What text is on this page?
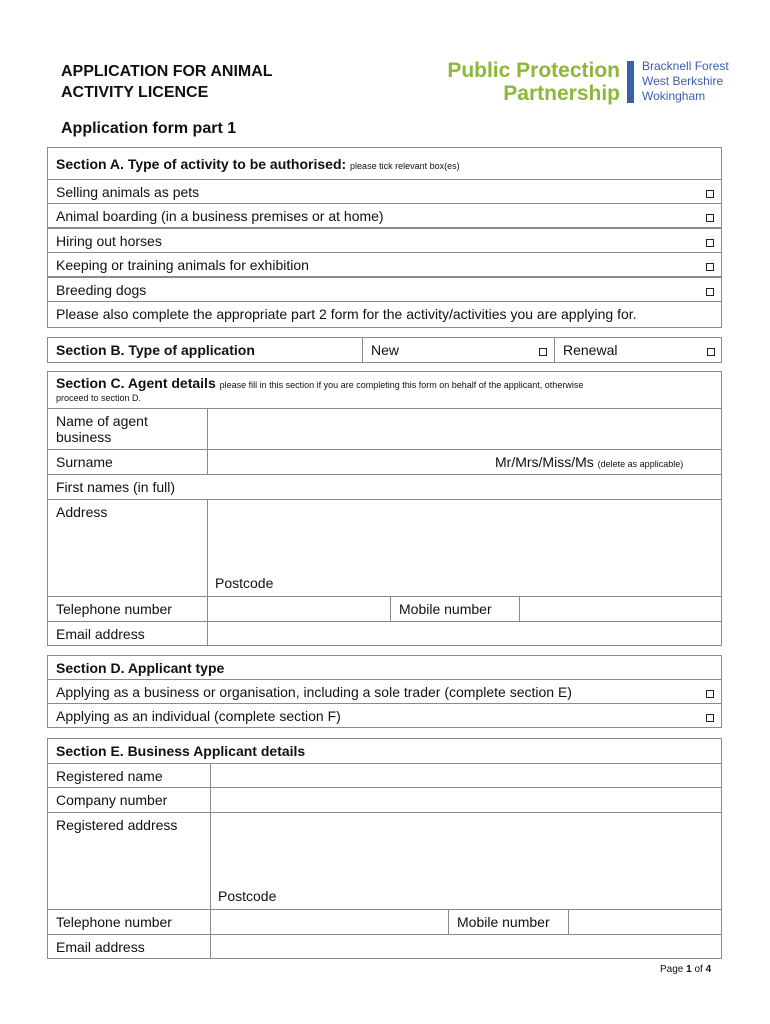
APPLICATION FOR ANIMAL
ACTIVITY LICENCE
Public Protection
Partnership
Bracknell Forest
West Berkshire
Wokingham
Application form part 1
Section A. Type of activity to be authorised: please tick relevant box(es)
Selling animals as pets
Animal boarding (in a business premises or at home)
Hiring out horses
Keeping or training animals for exhibition
Breeding dogs
Please also complete the appropriate part 2 form for the activity/activities you are applying for.
Section B. Type of application	New	Renewal
Section C. Agent details please fill in this section if you are completing this form on behalf of the applicant, otherwise
proceed to section D.
Name of agent
business
Surname	Mr/Mrs/Miss/Ms (delete as applicable)
First names (in full)
Address
Postcode
Telephone number	Mobile number
Email address
Section D. Applicant type
Applying as a business or organisation, including a sole trader (complete section E)
Applying as an individual (complete section F)
Section E. Business Applicant details
Registered name
Company number
Registered address
Postcode
Telephone number	Mobile number
Email address
Page 1 of 4
